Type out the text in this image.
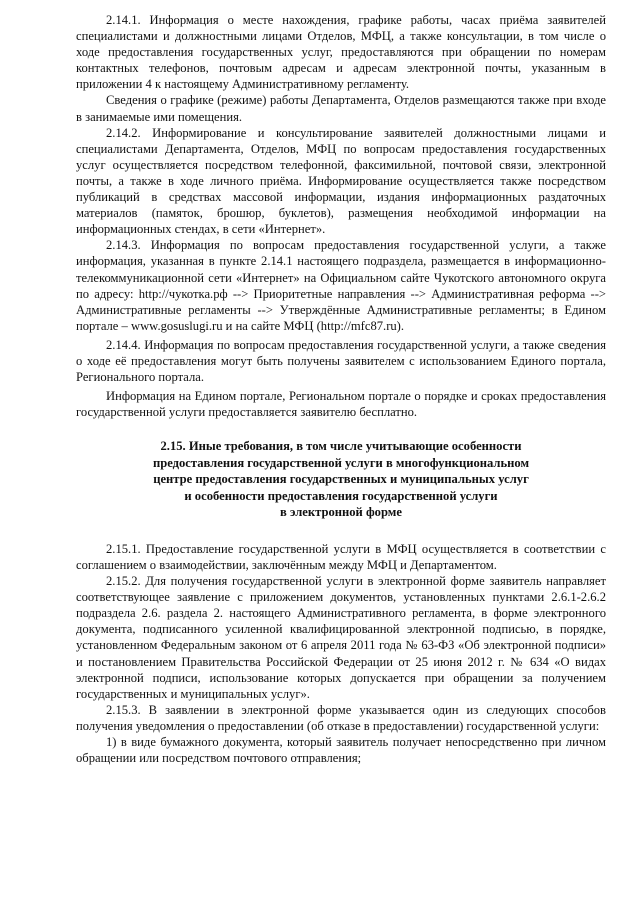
2.14.1. Информация о месте нахождения, графике работы, часах приёма заявителей специалистами и должностными лицами Отделов, МФЦ, а также консультации, в том числе о ходе предоставления государственных услуг, предоставляются при обращении по номерам контактных телефонов, почтовым адресам и адресам электронной почты, указанным в приложении 4 к настоящему Административному регламенту.

Сведения о графике (режиме) работы Департамента, Отделов размещаются также при входе в занимаемые ими помещения.

2.14.2. Информирование и консультирование заявителей должностными лицами и специалистами Департамента, Отделов, МФЦ по вопросам предоставления государственных услуг осуществляется посредством телефонной, факсимильной, почтовой связи, электронной почты, а также в ходе личного приёма. Информирование осуществляется также посредством публикаций в средствах массовой информации, издания информационных раздаточных материалов (памяток, брошюр, буклетов), размещения необходимой информации на информационных стендах, в сети «Интернет».

2.14.3. Информация по вопросам предоставления государственной услуги, а также информация, указанная в пункте 2.14.1 настоящего подраздела, размещается в информационно-телекоммуникационной сети «Интернет» на Официальном сайте Чукотского автономного округа по адресу: http://чукотка.рф --> Приоритетные направления --> Административная реформа --> Административные регламенты --> Утверждённые Административные регламенты; в Едином портале – www.gosuslugi.ru и на сайте МФЦ (http://mfc87.ru).

2.14.4. Информация по вопросам предоставления государственной услуги, а также сведения о ходе её предоставления могут быть получены заявителем с использованием Единого портала, Регионального портала.

Информация на Едином портале, Региональном портале о порядке и сроках предоставления государственной услуги предоставляется заявителю бесплатно.

2.15. Иные требования, в том числе учитывающие особенности
предоставления государственной услуги в многофункциональном
центре предоставления государственных и муниципальных услуг
и особенности предоставления государственной услуги
в электронной форме

2.15.1. Предоставление государственной услуги в МФЦ осуществляется в соответствии с соглашением о взаимодействии, заключённым между МФЦ и Департаментом.

2.15.2. Для получения государственной услуги в электронной форме заявитель направляет соответствующее заявление с приложением документов, установленных пунктами 2.6.1-2.6.2 подраздела 2.6. раздела 2. настоящего Административного регламента, в форме электронного документа, подписанного усиленной квалифицированной электронной подписью, в порядке, установленном Федеральным законом от 6 апреля 2011 года № 63-ФЗ «Об электронной подписи» и постановлением Правительства Российской Федерации от 25 июня 2012 г. № 634 «О видах электронной подписи, использование которых допускается при обращении за получением государственных и муниципальных услуг».

2.15.3. В заявлении в электронной форме указывается один из следующих способов получения уведомления о предоставлении (об отказе в предоставлении) государственной услуги:

1) в виде бумажного документа, который заявитель получает непосредственно при личном обращении или посредством почтового отправления;
